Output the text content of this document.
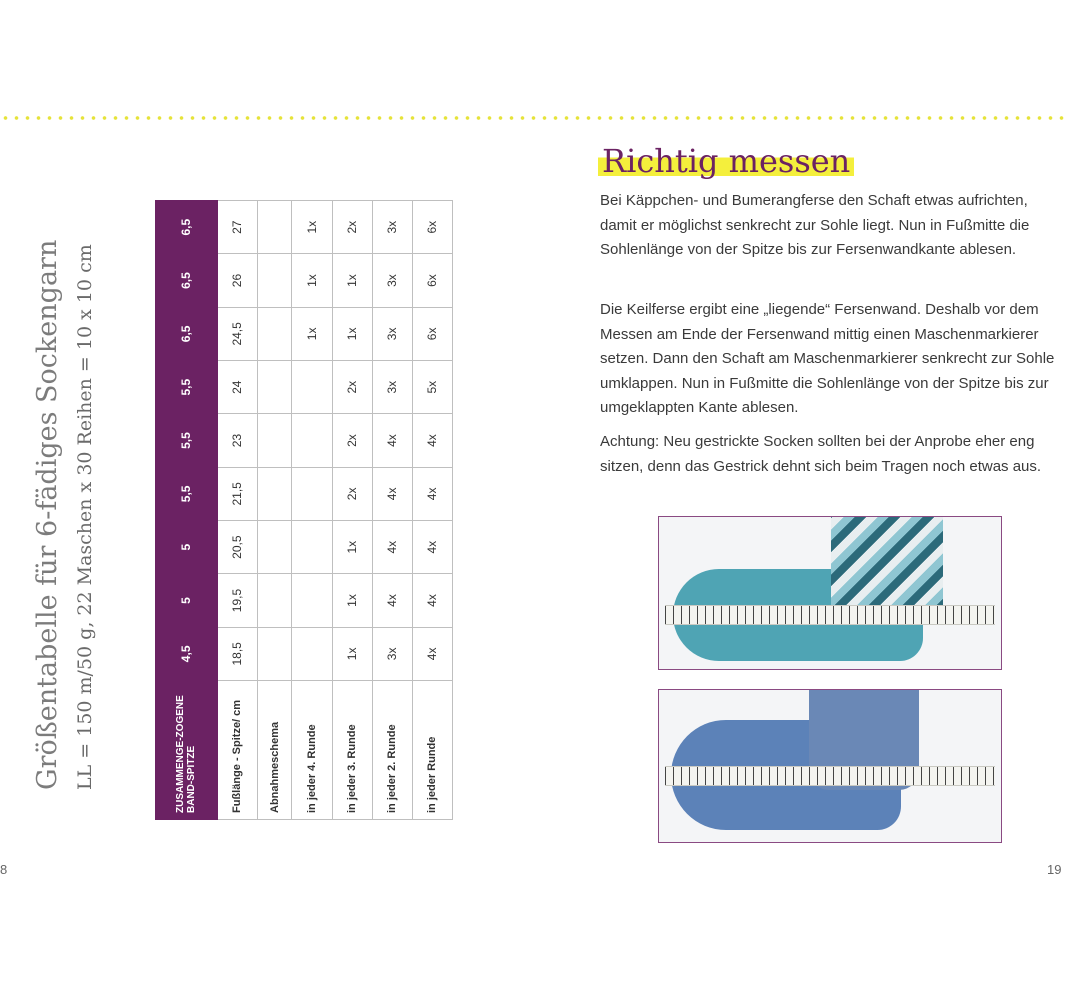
Größentabelle für 6-fädiges Sockengarn LL = 150 m/50 g, 22 Maschen x 30 Reihen = 10 x 10 cm	ZUSAMMENGE-ZOGENE BAND-SPITZE	4,5	5	5	5,5	5,5	5,5	6,5	6,5	6,5
Fußlänge - Spitze/ cm	18,5	19,5	20,5	21,5	23	24	24,5	26	27
Abnahmeschema									
in jeder 4. Runde							1x	1x	1x
in jeder 3. Runde	1x	1x	1x	2x	2x	2x	1x	1x	2x
in jeder 2. Runde	3x	4x	4x	4x	4x	3x	3x	3x	3x
in jeder Runde	4x	4x	4x	4x	4x	5x	6x	6x	6x
Richtig messen

Bei Käppchen- und Bumerangferse den Schaft etwas aufrichten, damit er möglichst senkrecht zur Sohle liegt. Nun in Fußmitte die Sohlenlänge von der Spitze bis zur Fersenwandkante ablesen.

Die Keilferse ergibt eine „liegende“ Fersenwand. Deshalb vor dem Messen am Ende der Fersenwand mittig einen Maschenmarkierer setzen. Dann den Schaft am Maschenmarkierer senkrecht zur Sohle umklappen. Nun in Fußmitte die Sohlenlänge von der Spitze bis zur umgeklappten Kante ablesen.

Achtung: Neu gestrickte Socken sollten bei der Anprobe eher eng sitzen, denn das Gestrick dehnt sich beim Tragen noch etwas aus.

8	19
